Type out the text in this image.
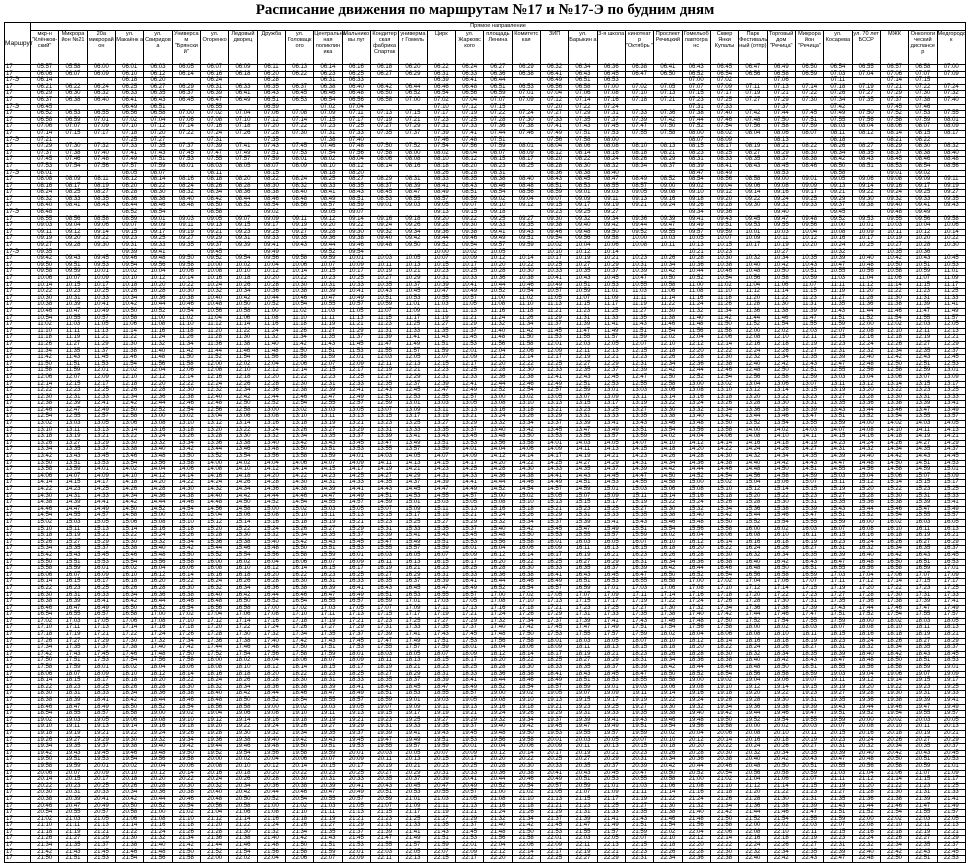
Расписание движения по маршрутам №17 и №17-Э по будним дням
Маршрут	Прямое направление																																
	мкр-н "Клёнков- ский"	Микрора йон №21	20а микрорай он	ул. Макаёнк а	ул. Свиридов а	Универса м "Брянски й"	ул. Огоренко	Ледовый дворец	Дружба	ул. Головацк ого	Центральна ная поликлин ика	Мальнико вы луг	Кондитер ская фабрика Спартак	универма г Гомель	Цирк	ул. Жарковс кого	площадь Ленина	Комитетс кая	ЗИП	ул. Барыкин а	3-я школа	кинотеат р "Октябрь "	Проспект Речицкий	Гомельоб лавтогра нс	Сквер Янки Купалы	Парк Фестиваль ный (отпр)	Торговый дом "Речица"	Микрора йон "Речица"	ул. Косарева	ул. 70 лет БССР	МЖК	Онкологи ческий диспансе р	Медгородо к
17	05:57	05:58	06:00	06:01	06:03	06:05	06:07	06:09	06:11	06:13	06:14	06:16	06:18	06:20	06:22	06:24	06:27	06:29	06:32	06:34	06:36	06:38	06:41	06:43	06:45	06:47	06:49	06:50	06:54	06:55	06:57	06:58	07:00
17	06:06	06:07	06:09	06:10	06:12	06:14	06:16	06:18	06:20	06:22	06:23	06:25	06:27	06:29	06:31	06:33	06:36	06:38	06:41	06:43	06:45	06:47	06:50	06:52	06:54	06:56	06:58	06:59	07:03	07:04	07:06	07:07	07:09
17-Э	06:14			06:18	06:20		06:24		06:28		06:31	06:33			06:39	06:41	06:44		06:49	06:51	06:53			07:00	07:02		07:06		07:11		07:14	07:15	
17	06:21	06:22	06:24	06:25	06:27	06:29	06:31	06:33	06:35	06:37	06:38	06:40	06:42	06:44	06:46	06:48	06:51	06:53	06:56	06:58	07:00	07:02	07:05	07:07	07:09	07:11	07:13	07:14	07:18	07:19	07:21	07:22	07:24
17	06:29	06:30	06:32	06:33	06:35	06:37	06:39	06:41	06:43	06:45	06:46	06:48	06:50	06:52	06:54	06:56	06:59	07:01	07:04	07:06	07:08	07:10	07:13	07:15	07:17	07:19	07:21	07:22	07:26	07:27	07:29	07:30	07:32
17	06:37	06:38	06:40	06:41	06:43	06:45	06:47	06:49	06:51	06:53	06:54	06:56	06:58	07:00	07:02	07:04	07:07	07:09	07:12	07:14	07:16	07:18	07:21	07:23	07:25	07:27	07:29	07:30	07:34	07:35	07:37	07:38	07:40
17-Э	06:45			06:49	06:51		06:55		06:59		07:02	07:04			07:10	07:12	07:15		07:20	07:22	07:24			07:31	07:33		07:37		07:42		07:45	07:46	
17	06:52	06:53	06:55	06:56	06:58	07:00	07:02	07:04	07:06	07:08	07:09	07:11	07:13	07:15	07:17	07:19	07:22	07:24	07:27	07:29	07:31	07:33	07:36	07:38	07:40	07:42	07:44	07:45	07:49	07:50	07:52	07:53	07:55
17	06:58	06:59	07:01	07:02	07:04	07:06	07:08	07:10	07:12	07:14	07:15	07:17	07:19	07:21	07:23	07:25	07:28	07:30	07:33	07:35	07:37	07:39	07:42	07:44	07:46	07:48	07:50	07:51	07:55	07:56	07:58	07:59	08:01
17	07:06	07:07	07:09	07:10	07:12	07:14	07:16	07:18	07:20	07:22	07:23	07:25	07:27	07:29	07:31	07:33	07:36	07:38	07:41	07:43	07:45	07:47	07:50	07:52	07:54	07:56	07:58	07:59	08:03	08:04	08:06	08:07	08:09
17	07:14	07:15	07:17	07:18	07:20	07:22	07:24	07:26	07:28	07:30	07:31	07:33	07:35	07:37	07:39	07:41	07:44	07:46	07:49	07:51	07:53	07:55	07:58	08:00	08:02	08:04	08:06	08:07	08:11	08:12	08:14	08:15	08:17
17-Э	07:21			07:25	07:27		07:31		07:35		07:38	07:40			07:46	07:48	07:51		07:56	07:58	08:00			08:07	08:09		08:13		08:18		08:21	08:22	
17	07:29	07:30	07:32	07:33	07:35	07:37	07:39	07:41	07:43	07:45	07:46	07:48	07:50	07:52	07:54	07:56	07:59	08:01	08:04	08:06	08:08	08:10	08:13	08:15	08:17	08:19	08:21	08:22	08:26	08:27	08:29	08:30	08:32
17	07:37	07:38	07:40	07:41	07:43	07:45	07:47	07:49	07:51	07:53	07:54	07:56	07:58	08:00	08:02	08:04	08:07	08:09	08:12	08:14	08:16	08:18	08:21	08:23	08:25	08:27	08:29	08:30	08:34	08:35	08:37	08:38	08:40
17	07:45	07:46	07:48	07:49	07:51	07:53	07:55	07:57	07:59	08:01	08:02	08:04	08:06	08:08	08:10	08:12	08:15	08:17	08:20	08:22	08:24	08:26	08:29	08:31	08:33	08:35	08:37	08:38	08:42	08:43	08:45	08:46	08:48
17	07:53	07:54	07:56	07:57	07:59	08:01	08:03	08:05	08:07	08:09	08:10	08:12	08:14	08:16	08:18	08:20	08:23	08:25	08:28	08:30	08:32	08:34	08:37	08:39	08:41	08:43	08:45	08:46	08:50	08:51	08:53	08:54	08:56
17-Э	08:01			08:05	08:07		08:11		08:15		08:18	08:20			08:26	08:28	08:31		08:36	08:38	08:40			08:47	08:49		08:53		08:58		09:01	09:02	
17	08:08	08:09	08:11	08:12	08:14	08:16	08:18	08:20	08:22	08:24	08:25	08:27	08:29	08:31	08:33	08:35	08:38	08:40	08:43	08:45	08:47	08:49	08:52	08:54	08:56	08:58	09:00	09:01	09:05	09:06	09:08	09:09	09:11
17	08:16	08:17	08:19	08:20	08:22	08:24	08:26	08:28	08:30	08:32	08:33	08:35	08:37	08:39	08:41	08:43	08:46	08:48	08:51	08:53	08:55	08:57	09:00	09:02	09:04	09:06	09:08	09:09	09:13	09:14	09:16	09:17	09:19
17	08:24	08:25	08:27	08:28	08:30	08:32	08:34	08:36	08:38	08:40	08:41	08:43	08:45	08:47	08:49	08:51	08:54	08:56	08:59	09:01	09:03	09:05	09:08	09:10	09:12	09:14	09:16	09:17	09:21	09:22	09:24	09:25	09:27
17	08:32	08:33	08:35	08:36	08:38	08:40	08:42	08:44	08:46	08:48	08:49	08:51	08:53	08:55	08:57	08:59	09:02	09:04	09:07	09:09	09:11	09:13	09:16	09:18	09:20	09:22	09:24	09:25	09:29	09:30	09:32	09:33	09:35
17	08:40	08:41	08:43	08:44	08:46	08:48	08:50	08:52	08:54	08:56	08:57	08:59	09:01	09:03	09:05	09:07	09:10	09:12	09:15	09:17	09:19	09:21	09:24	09:26	09:28	09:30	09:32	09:33	09:37	09:38	09:40	09:41	09:43
17-Э	08:48			08:52	08:54		08:58		09:02		09:05	09:07			09:13	09:15	09:18		09:23	09:25	09:27			09:34	09:36		09:40		09:45		09:48	09:49	
17	08:55	08:56	08:58	08:59	09:01	09:03	09:05	09:07	09:09	09:11	09:12	09:14	09:16	09:18	09:20	09:22	09:25	09:27	09:30	09:32	09:34	09:36	09:39	09:41	09:43	09:45	09:47	09:48	09:52	09:53	09:55	09:56	09:58
17	09:03	09:04	09:06	09:07	09:09	09:11	09:13	09:15	09:17	09:19	09:20	09:22	09:24	09:26	09:28	09:30	09:33	09:35	09:38	09:40	09:42	09:44	09:47	09:49	09:51	09:53	09:55	09:56	10:00	10:01	10:03	10:04	10:06
17	09:11	09:12	09:14	09:15	09:17	09:19	09:21	09:23	09:25	09:27	09:28	09:30	09:32	09:34	09:36	09:38	09:41	09:43	09:46	09:48	09:50	09:52	09:55	09:57	09:59	10:01	10:03	10:04	10:08	10:09	10:11	10:12	10:14
17	09:19	09:20	09:22	09:23	09:25	09:27	09:29	09:31	09:33	09:35	09:36	09:38	09:40	09:42	09:44	09:46	09:49	09:51	09:54	09:56	09:58	10:00	10:03	10:05	10:07	10:09	10:11	10:12	10:16	10:17	10:19	10:20	10:22
17	09:27	09:28	09:30	09:31	09:33	09:35	09:37	09:39	09:41	09:43	09:44	09:46	09:48	09:50	09:52	09:54	09:57	09:59	10:02	10:04	10:06	10:08	10:11	10:13	10:15	10:17	10:19	10:20	10:24	10:25	10:27	10:28	10:30
17-Э	09:35			09:39	09:41		09:45		09:49		09:52	09:54			10:00	10:02	10:05		10:10	10:12	10:14			10:21	10:23		10:27		10:32		10:35	10:36	
17	09:42	09:43	09:45	09:46	09:48	09:50	09:52	09:54	09:56	09:58	09:59	10:01	10:03	10:05	10:07	10:09	10:12	10:14	10:17	10:19	10:21	10:23	10:26	10:28	10:30	10:32	10:34	10:35	10:39	10:40	10:42	10:43	10:45
17	09:50	09:51	09:53	09:54	09:56	09:58	10:00	10:02	10:04	10:06	10:07	10:09	10:11	10:13	10:15	10:17	10:20	10:22	10:25	10:27	10:29	10:31	10:34	10:36	10:38	10:40	10:42	10:43	10:47	10:48	10:50	10:51	10:53
17	09:58	09:59	10:01	10:02	10:04	10:06	10:08	10:10	10:12	10:14	10:15	10:17	10:19	10:21	10:23	10:25	10:28	10:30	10:33	10:35	10:37	10:39	10:42	10:44	10:46	10:48	10:50	10:51	10:55	10:56	10:58	10:59	11:01
17	10:06	10:07	10:09	10:10	10:12	10:14	10:16	10:18	10:20	10:22	10:23	10:25	10:27	10:29	10:31	10:33	10:36	10:38	10:41	10:43	10:45	10:47	10:50	10:52	10:54	10:56	10:58	10:59	11:03	11:04	11:06	11:07	11:09
17	10:14	10:15	10:17	10:18	10:20	10:22	10:24	10:26	10:28	10:30	10:31	10:33	10:35	10:37	10:39	10:41	10:44	10:46	10:49	10:51	10:53	10:55	10:58	11:00	11:02	11:04	11:06	11:07	11:11	11:12	11:14	11:15	11:17
17	10:22	10:23	10:25	10:26	10:28	10:30	10:32	10:34	10:36	10:38	10:39	10:41	10:43	10:45	10:47	10:49	10:52	10:54	10:57	10:59	11:01	11:03	11:06	11:08	11:10	11:12	11:14	11:15	11:19	11:20	11:22	11:23	11:25
17	10:30	10:31	10:33	10:34	10:36	10:38	10:40	10:42	10:44	10:46	10:47	10:49	10:51	10:53	10:55	10:57	11:00	11:02	11:05	11:07	11:09	11:11	11:14	11:16	11:18	11:20	11:22	11:23	11:27	11:28	11:30	11:31	11:33
17	10:38	10:39	10:41	10:42	10:44	10:46	10:48	10:50	10:52	10:54	10:55	10:57	10:59	11:01	11:03	11:05	11:08	11:10	11:13	11:15	11:17	11:19	11:22	11:24	11:26	11:28	11:30	11:31	11:35	11:36	11:38	11:39	11:41
17	10:46	10:47	10:49	10:50	10:52	10:54	10:56	10:58	11:00	11:02	11:03	11:05	11:07	11:09	11:11	11:13	11:16	11:18	11:21	11:23	11:25	11:27	11:30	11:32	11:34	11:36	11:38	11:39	11:43	11:44	11:46	11:47	11:49
17	10:54	10:55	10:57	10:58	11:00	11:02	11:04	11:06	11:08	11:10	11:11	11:13	11:15	11:17	11:19	11:21	11:24	11:26	11:29	11:31	11:33	11:35	11:38	11:40	11:42	11:44	11:46	11:47	11:51	11:52	11:54	11:55	11:57
17	11:02	11:03	11:05	11:06	11:08	11:10	11:12	11:14	11:16	11:18	11:19	11:21	11:23	11:25	11:27	11:29	11:32	11:34	11:37	11:39	11:41	11:43	11:46	11:48	11:50	11:52	11:54	11:55	11:59	12:00	12:02	12:03	12:05
17	11:10	11:11	11:13	11:14	11:16	11:18	11:20	11:22	11:24	11:26	11:27	11:29	11:31	11:33	11:35	11:37	11:40	11:42	11:45	11:47	11:49	11:51	11:54	11:56	11:58	12:00	12:02	12:03	12:07	12:08	12:10	12:11	12:13
17	11:18	11:19	11:21	11:22	11:24	11:26	11:28	11:30	11:32	11:34	11:35	11:37	11:39	11:41	11:43	11:45	11:48	11:50	11:53	11:55	11:57	11:59	12:02	12:04	12:06	12:08	12:10	12:11	12:15	12:16	12:18	12:19	12:21
17	11:26	11:27	11:29	11:30	11:32	11:34	11:36	11:38	11:40	11:42	11:43	11:45	11:47	11:49	11:51	11:53	11:56	11:58	12:01	12:03	12:05	12:07	12:10	12:12	12:14	12:16	12:18	12:19	12:23	12:24	12:26	12:27	12:29
17	11:34	11:35	11:37	11:38	11:40	11:42	11:44	11:46	11:48	11:50	11:51	11:53	11:55	11:57	11:59	12:01	12:04	12:06	12:09	12:11	12:13	12:15	12:18	12:20	12:22	12:24	12:26	12:27	12:31	12:32	12:34	12:35	12:37
17	11:42	11:43	11:45	11:46	11:48	11:50	11:52	11:54	11:56	11:58	11:59	12:01	12:03	12:05	12:07	12:09	12:12	12:14	12:17	12:19	12:21	12:23	12:26	12:28	12:30	12:32	12:34	12:35	12:39	12:40	12:42	12:43	12:45
17	11:50	11:51	11:53	11:54	11:56	11:58	12:00	12:02	12:04	12:06	12:07	12:09	12:11	12:13	12:15	12:17	12:20	12:22	12:25	12:27	12:29	12:31	12:34	12:36	12:38	12:40	12:42	12:43	12:47	12:48	12:50	12:51	12:53
17	11:58	11:59	12:01	12:02	12:04	12:06	12:08	12:10	12:12	12:14	12:15	12:17	12:19	12:21	12:23	12:25	12:28	12:30	12:33	12:35	12:37	12:39	12:42	12:44	12:46	12:48	12:50	12:51	12:55	12:56	12:58	12:59	13:01
17	12:06	12:07	12:09	12:10	12:12	12:14	12:16	12:18	12:20	12:22	12:23	12:25	12:27	12:29	12:31	12:33	12:36	12:38	12:41	12:43	12:45	12:47	12:50	12:52	12:54	12:56	12:58	12:59	13:03	13:04	13:06	13:07	13:09
17	12:14	12:15	12:17	12:18	12:20	12:22	12:24	12:26	12:28	12:30	12:31	12:33	12:35	12:37	12:39	12:41	12:44	12:46	12:49	12:51	12:53	12:55	12:58	13:00	13:02	13:04	13:06	13:07	13:11	13:12	13:14	13:15	13:17
17	12:22	12:23	12:25	12:26	12:28	12:30	12:32	12:34	12:36	12:38	12:39	12:41	12:43	12:45	12:47	12:49	12:52	12:54	12:57	12:59	13:01	13:03	13:06	13:08	13:10	13:12	13:14	13:15	13:19	13:20	13:22	13:23	13:25
17	12:30	12:31	12:33	12:34	12:36	12:38	12:40	12:42	12:44	12:46	12:47	12:49	12:51	12:53	12:55	12:57	13:00	13:02	13:05	13:07	13:09	13:11	13:14	13:16	13:18	13:20	13:22	13:23	13:27	13:28	13:30	13:31	13:33
17	12:38	12:39	12:41	12:42	12:44	12:46	12:48	12:50	12:52	12:54	12:55	12:57	12:59	13:01	13:03	13:05	13:08	13:10	13:13	13:15	13:17	13:19	13:22	13:24	13:26	13:28	13:30	13:31	13:35	13:36	13:38	13:39	13:41
17	12:46	12:47	12:49	12:50	12:52	12:54	12:56	12:58	13:00	13:02	13:03	13:05	13:07	13:09	13:11	13:13	13:16	13:18	13:21	13:23	13:25	13:27	13:30	13:32	13:34	13:36	13:38	13:39	13:43	13:44	13:46	13:47	13:49
17	12:54	12:55	12:57	12:58	13:00	13:02	13:04	13:06	13:08	13:10	13:11	13:13	13:15	13:17	13:19	13:21	13:24	13:26	13:29	13:31	13:33	13:35	13:38	13:40	13:42	13:44	13:46	13:47	13:51	13:52	13:54	13:55	13:57
17	13:02	13:03	13:05	13:06	13:08	13:10	13:12	13:14	13:16	13:18	13:19	13:21	13:23	13:25	13:27	13:29	13:32	13:34	13:37	13:39	13:41	13:43	13:46	13:48	13:50	13:52	13:54	13:55	13:59	14:00	14:02	14:03	14:05
17	13:10	13:11	13:13	13:14	13:16	13:18	13:20	13:22	13:24	13:26	13:27	13:29	13:31	13:33	13:35	13:37	13:40	13:42	13:45	13:47	13:49	13:51	13:54	13:56	13:58	14:00	14:02	14:03	14:07	14:08	14:10	14:11	14:13
17	13:18	13:19	13:21	13:22	13:24	13:26	13:28	13:30	13:32	13:34	13:35	13:37	13:39	13:41	13:43	13:45	13:48	13:50	13:53	13:55	13:57	13:59	14:02	14:04	14:06	14:08	14:10	14:11	14:15	14:16	14:18	14:19	14:21
17	13:26	13:27	13:29	13:30	13:32	13:34	13:36	13:38	13:40	13:42	13:43	13:45	13:47	13:49	13:51	13:53	13:56	13:58	14:01	14:03	14:05	14:07	14:10	14:12	14:14	14:16	14:18	14:19	14:23	14:24	14:26	14:27	14:29
17	13:34	13:35	13:37	13:38	13:40	13:42	13:44	13:46	13:48	13:50	13:51	13:53	13:55	13:57	13:59	14:01	14:04	14:06	14:09	14:11	14:13	14:15	14:18	14:20	14:22	14:24	14:26	14:27	14:31	14:32	14:34	14:35	14:37
17	13:42	13:43	13:45	13:46	13:48	13:50	13:52	13:54	13:56	13:58	13:59	14:01	14:03	14:05	14:07	14:09	14:12	14:14	14:17	14:19	14:21	14:23	14:26	14:28	14:30	14:32	14:34	14:35	14:39	14:40	14:42	14:43	14:45
17	13:50	13:51	13:53	13:54	13:56	13:58	14:00	14:02	14:04	14:06	14:07	14:09	14:11	14:13	14:15	14:17	14:20	14:22	14:25	14:27	14:29	14:31	14:34	14:36	14:38	14:40	14:42	14:43	14:47	14:48	14:50	14:51	14:53
17	13:58	13:59	14:01	14:02	14:04	14:06	14:08	14:10	14:12	14:14	14:15	14:17	14:19	14:21	14:23	14:25	14:28	14:30	14:33	14:35	14:37	14:39	14:42	14:44	14:46	14:48	14:50	14:51	14:55	14:56	14:58	14:59	15:01
17	14:06	14:07	14:09	14:10	14:12	14:14	14:16	14:18	14:20	14:22	14:23	14:25	14:27	14:29	14:31	14:33	14:36	14:38	14:41	14:43	14:45	14:47	14:50	14:52	14:54	14:56	14:58	14:59	15:03	15:04	15:06	15:07	15:09
17	14:14	14:15	14:17	14:18	14:20	14:22	14:24	14:26	14:28	14:30	14:31	14:33	14:35	14:37	14:39	14:41	14:44	14:46	14:49	14:51	14:53	14:55	14:58	15:00	15:02	15:04	15:06	15:07	15:11	15:12	15:14	15:15	15:17
17	14:22	14:23	14:25	14:26	14:28	14:30	14:32	14:34	14:36	14:38	14:39	14:41	14:43	14:45	14:47	14:49	14:52	14:54	14:57	14:59	15:01	15:03	15:06	15:08	15:10	15:12	15:14	15:15	15:19	15:20	15:22	15:23	15:25
17	14:30	14:31	14:33	14:34	14:36	14:38	14:40	14:42	14:44	14:46	14:47	14:49	14:51	14:53	14:55	14:57	15:00	15:02	15:05	15:07	15:09	15:11	15:14	15:16	15:18	15:20	15:22	15:23	15:27	15:28	15:30	15:31	15:33
17	14:38	14:39	14:41	14:42	14:44	14:46	14:48	14:50	14:52	14:54	14:55	14:57	14:59	15:01	15:03	15:05	15:08	15:10	15:13	15:15	15:17	15:19	15:22	15:24	15:26	15:28	15:30	15:31	15:35	15:36	15:38	15:39	15:41
17	14:46	14:47	14:49	14:50	14:52	14:54	14:56	14:58	15:00	15:02	15:03	15:05	15:07	15:09	15:11	15:13	15:16	15:18	15:21	15:23	15:25	15:27	15:30	15:32	15:34	15:36	15:38	15:39	15:43	15:44	15:46	15:47	15:49
17	14:54	14:55	14:57	14:58	15:00	15:02	15:04	15:06	15:08	15:10	15:11	15:13	15:15	15:17	15:19	15:21	15:24	15:26	15:29	15:31	15:33	15:35	15:38	15:40	15:42	15:44	15:46	15:47	15:51	15:52	15:54	15:55	15:57
17	15:02	15:03	15:05	15:06	15:08	15:10	15:12	15:14	15:16	15:18	15:19	15:21	15:23	15:25	15:27	15:29	15:32	15:34	15:37	15:39	15:41	15:43	15:46	15:48	15:50	15:52	15:54	15:55	15:59	16:00	16:02	16:03	16:05
17	15:10	15:11	15:13	15:14	15:16	15:18	15:20	15:22	15:24	15:26	15:27	15:29	15:31	15:33	15:35	15:37	15:40	15:42	15:45	15:47	15:49	15:51	15:54	15:56	15:58	16:00	16:02	16:03	16:07	16:08	16:10	16:11	16:13
17	15:18	15:19	15:21	15:22	15:24	15:26	15:28	15:30	15:32	15:34	15:35	15:37	15:39	15:41	15:43	15:45	15:48	15:50	15:53	15:55	15:57	15:59	16:02	16:04	16:06	16:08	16:10	16:11	16:15	16:16	16:18	16:19	16:21
17	15:26	15:27	15:29	15:30	15:32	15:34	15:36	15:38	15:40	15:42	15:43	15:45	15:47	15:49	15:51	15:53	15:56	15:58	16:01	16:03	16:05	16:07	16:10	16:12	16:14	16:16	16:18	16:19	16:23	16:24	16:26	16:27	16:29
17	15:34	15:35	15:37	15:38	15:40	15:42	15:44	15:46	15:48	15:50	15:51	15:53	15:55	15:57	15:59	16:01	16:04	16:06	16:09	16:11	16:13	16:15	16:18	16:20	16:22	16:24	16:26	16:27	16:31	16:32	16:34	16:35	16:37
17	15:42	15:43	15:45	15:46	15:48	15:50	15:52	15:54	15:56	15:58	15:59	16:01	16:03	16:05	16:07	16:09	16:12	16:14	16:17	16:19	16:21	16:23	16:26	16:28	16:30	16:32	16:34	16:35	16:39	16:40	16:42	16:43	16:45
17	15:50	15:51	15:53	15:54	15:56	15:58	16:00	16:02	16:04	16:06	16:07	16:09	16:11	16:13	16:15	16:17	16:20	16:22	16:25	16:27	16:29	16:31	16:34	16:36	16:38	16:40	16:42	16:43	16:47	16:48	16:50	16:51	16:53
17	15:58	15:59	16:01	16:02	16:04	16:06	16:08	16:10	16:12	16:14	16:15	16:17	16:19	16:21	16:23	16:25	16:28	16:30	16:33	16:35	16:37	16:39	16:42	16:44	16:46	16:48	16:50	16:51	16:55	16:56	16:58	16:59	17:01
17	16:06	16:07	16:09	16:10	16:12	16:14	16:16	16:18	16:20	16:22	16:23	16:25	16:27	16:29	16:31	16:33	16:36	16:38	16:41	16:43	16:45	16:47	16:50	16:52	16:54	16:56	16:58	16:59	17:03	17:04	17:06	17:07	17:09
17	16:14	16:15	16:17	16:18	16:20	16:22	16:24	16:26	16:28	16:30	16:31	16:33	16:35	16:37	16:39	16:41	16:44	16:46	16:49	16:51	16:53	16:55	16:58	17:00	17:02	17:04	17:06	17:07	17:11	17:12	17:14	17:15	17:17
17	16:22	16:23	16:25	16:26	16:28	16:30	16:32	16:34	16:36	16:38	16:39	16:41	16:43	16:45	16:47	16:49	16:52	16:54	16:57	16:59	17:01	17:03	17:06	17:08	17:10	17:12	17:14	17:15	17:19	17:20	17:22	17:23	17:25
17	16:30	16:31	16:33	16:34	16:36	16:38	16:40	16:42	16:44	16:46	16:47	16:49	16:51	16:53	16:55	16:57	17:00	17:02	17:05	17:07	17:09	17:11	17:14	17:16	17:18	17:20	17:22	17:23	17:27	17:28	17:30	17:31	17:33
17	16:38	16:39	16:41	16:42	16:44	16:46	16:48	16:50	16:52	16:54	16:55	16:57	16:59	17:01	17:03	17:05	17:08	17:10	17:13	17:15	17:17	17:19	17:22	17:24	17:26	17:28	17:30	17:31	17:35	17:36	17:38	17:39	17:41
17	16:46	16:47	16:49	16:50	16:52	16:54	16:56	16:58	17:00	17:02	17:03	17:05	17:07	17:09	17:11	17:13	17:16	17:18	17:21	17:23	17:25	17:27	17:30	17:32	17:34	17:36	17:38	17:39	17:43	17:44	17:46	17:47	17:49
17	16:54	16:55	16:57	16:58	17:00	17:02	17:04	17:06	17:08	17:10	17:11	17:13	17:15	17:17	17:19	17:21	17:24	17:26	17:29	17:31	17:33	17:35	17:38	17:40	17:42	17:44	17:46	17:47	17:51	17:52	17:54	17:55	17:57
17	17:02	17:03	17:05	17:06	17:08	17:10	17:12	17:14	17:16	17:18	17:19	17:21	17:23	17:25	17:27	17:29	17:32	17:34	17:37	17:39	17:41	17:43	17:46	17:48	17:50	17:52	17:54	17:55	17:59	18:00	18:02	18:03	18:05
17	17:10	17:11	17:13	17:14	17:16	17:18	17:20	17:22	17:24	17:26	17:27	17:29	17:31	17:33	17:35	17:37	17:40	17:42	17:45	17:47	17:49	17:51	17:54	17:56	17:58	18:00	18:02	18:03	18:07	18:08	18:10	18:11	18:13
17	17:18	17:19	17:21	17:22	17:24	17:26	17:28	17:30	17:32	17:34	17:35	17:37	17:39	17:41	17:43	17:45	17:48	17:50	17:53	17:55	17:57	17:59	18:02	18:04	18:06	18:08	18:10	18:11	18:15	18:16	18:18	18:19	18:21
17	17:26	17:27	17:29	17:30	17:32	17:34	17:36	17:38	17:40	17:42	17:43	17:45	17:47	17:49	17:51	17:53	17:56	17:58	18:01	18:03	18:05	18:07	18:10	18:12	18:14	18:16	18:18	18:19	18:23	18:24	18:26	18:27	18:29
17	17:34	17:35	17:37	17:38	17:40	17:42	17:44	17:46	17:48	17:50	17:51	17:53	17:55	17:57	17:59	18:01	18:04	18:06	18:09	18:11	18:13	18:15	18:18	18:20	18:22	18:24	18:26	18:27	18:31	18:32	18:34	18:35	18:37
17	17:42	17:43	17:45	17:46	17:48	17:50	17:52	17:54	17:56	17:58	17:59	18:01	18:03	18:05	18:07	18:09	18:12	18:14	18:17	18:19	18:21	18:23	18:26	18:28	18:30	18:32	18:34	18:35	18:39	18:40	18:42	18:43	18:45
17	17:50	17:51	17:53	17:54	17:56	17:58	18:00	18:02	18:04	18:06	18:07	18:09	18:11	18:13	18:15	18:17	18:20	18:22	18:25	18:27	18:29	18:31	18:34	18:36	18:38	18:40	18:42	18:43	18:47	18:48	18:50	18:51	18:53
17	17:58	17:59	18:01	18:02	18:04	18:06	18:08	18:10	18:12	18:14	18:15	18:17	18:19	18:21	18:23	18:25	18:28	18:30	18:33	18:35	18:37	18:39	18:42	18:44	18:46	18:48	18:50	18:51	18:55	18:56	18:58	18:59	19:01
17	18:06	18:07	18:09	18:10	18:12	18:14	18:16	18:18	18:20	18:22	18:23	18:25	18:27	18:29	18:31	18:33	18:36	18:38	18:41	18:43	18:45	18:47	18:50	18:52	18:54	18:56	18:58	18:59	19:03	19:04	19:06	19:07	19:09
17	18:14	18:15	18:17	18:18	18:20	18:22	18:24	18:26	18:28	18:30	18:31	18:33	18:35	18:37	18:39	18:41	18:44	18:46	18:49	18:51	18:53	18:55	18:58	19:00	19:02	19:04	19:06	19:07	19:11	19:12	19:14	19:15	19:17
17	18:22	18:23	18:25	18:26	18:28	18:30	18:32	18:34	18:36	18:38	18:39	18:41	18:43	18:45	18:47	18:49	18:52	18:54	18:57	18:59	19:01	19:03	19:06	19:08	19:10	19:12	19:14	19:15	19:19	19:20	19:22	19:23	19:25
17	18:30	18:31	18:33	18:34	18:36	18:38	18:40	18:42	18:44	18:46	18:47	18:49	18:51	18:53	18:55	18:57	19:00	19:02	19:05	19:07	19:09	19:11	19:14	19:16	19:18	19:20	19:22	19:23	19:27	19:28	19:30	19:31	19:33
17	18:38	18:39	18:41	18:42	18:44	18:46	18:48	18:50	18:52	18:54	18:55	18:57	18:59	19:01	19:03	19:05	19:08	19:10	19:13	19:15	19:17	19:19	19:22	19:24	19:26	19:28	19:30	19:31	19:35	19:36	19:38	19:39	19:41
17	18:46	18:47	18:49	18:50	18:52	18:54	18:56	18:58	19:00	19:02	19:03	19:05	19:07	19:09	19:11	19:13	19:16	19:18	19:21	19:23	19:25	19:27	19:30	19:32	19:34	19:36	19:38	19:39	19:43	19:44	19:46	19:47	19:49
17	18:54	18:55	18:57	18:58	19:00	19:02	19:04	19:06	19:08	19:10	19:11	19:13	19:15	19:17	19:19	19:21	19:24	19:26	19:29	19:31	19:33	19:35	19:38	19:40	19:42	19:44	19:46	19:47	19:51	19:52	19:54	19:55	19:57
17	19:02	19:03	19:05	19:06	19:08	19:10	19:12	19:14	19:16	19:18	19:19	19:21	19:23	19:25	19:27	19:29	19:32	19:34	19:37	19:39	19:41	19:43	19:46	19:48	19:50	19:52	19:54	19:55	19:59	20:00	20:02	20:03	20:05
17	19:10	19:11	19:13	19:14	19:16	19:18	19:20	19:22	19:24	19:26	19:27	19:29	19:31	19:33	19:35	19:37	19:40	19:42	19:45	19:47	19:49	19:51	19:54	19:56	19:58	20:00	20:02	20:03	20:07	20:08	20:10	20:11	20:13
17	19:18	19:19	19:21	19:22	19:24	19:26	19:28	19:30	19:32	19:34	19:35	19:37	19:39	19:41	19:43	19:45	19:48	19:50	19:53	19:55	19:57	19:59	20:02	20:04	20:06	20:08	20:10	20:11	20:15	20:16	20:18	20:19	20:21
17	19:26	19:27	19:29	19:30	19:32	19:34	19:36	19:38	19:40	19:42	19:43	19:45	19:47	19:49	19:51	19:53	19:56	19:58	20:01	20:03	20:05	20:07	20:10	20:12	20:14	20:16	20:18	20:19	20:23	20:24	20:26	20:27	20:29
17	19:34	19:35	19:37	19:38	19:40	19:42	19:44	19:46	19:48	19:50	19:51	19:53	19:55	19:57	19:59	20:01	20:04	20:06	20:09	20:11	20:13	20:15	20:18	20:20	20:22	20:24	20:26	20:27	20:31	20:32	20:34	20:35	20:37
17	19:42	19:43	19:45	19:46	19:48	19:50	19:52	19:54	19:56	19:58	19:59	20:01	20:03	20:05	20:07	20:09	20:12	20:14	20:17	20:19	20:21	20:23	20:26	20:28	20:30	20:32	20:34	20:35	20:39	20:40	20:42	20:43	20:45
17	19:50	19:51	19:53	19:54	19:56	19:58	20:00	20:02	20:04	20:06	20:07	20:09	20:11	20:13	20:15	20:17	20:20	20:22	20:25	20:27	20:29	20:31	20:34	20:36	20:38	20:40	20:42	20:43	20:47	20:48	20:50	20:51	20:53
17	19:58	19:59	20:01	20:02	20:04	20:06	20:08	20:10	20:12	20:14	20:15	20:17	20:19	20:21	20:23	20:25	20:28	20:30	20:33	20:35	20:37	20:39	20:42	20:44	20:46	20:48	20:50	20:51	20:55	20:56	20:58	20:59	21:01
17	20:06	20:07	20:09	20:10	20:12	20:14	20:16	20:18	20:20	20:22	20:23	20:25	20:27	20:29	20:31	20:33	20:36	20:38	20:41	20:43	20:45	20:47	20:50	20:52	20:54	20:56	20:58	20:59	21:03	21:04	21:06	21:07	21:09
17	20:14	20:15	20:17	20:18	20:20	20:22	20:24	20:26	20:28	20:30	20:31	20:33	20:35	20:37	20:39	20:41	20:44	20:46	20:49	20:51	20:53	20:55	20:58	21:00	21:02	21:04	21:06	21:07	21:11	21:12	21:14	21:15	21:17
17	20:22	20:23	20:25	20:26	20:28	20:30	20:32	20:34	20:36	20:38	20:39	20:41	20:43	20:45	20:47	20:49	20:52	20:54	20:57	20:59	21:01	21:03	21:06	21:08	21:10	21:12	21:14	21:15	21:19	21:20	21:22	21:23	21:25
17	20:30	20:31	20:33	20:34	20:36	20:38	20:40	20:42	20:44	20:46	20:47	20:49	20:51	20:53	20:55	20:57	21:00	21:02	21:05	21:07	21:09	21:11	21:14	21:16	21:18	21:20	21:22	21:23	21:27	21:28	21:30	21:31	21:33
17	20:38	20:39	20:41	20:42	20:44	20:46	20:48	20:50	20:52	20:54	20:55	20:57	20:59	21:01	21:03	21:05	21:08	21:10	21:13	21:15	21:17	21:19	21:22	21:24	21:26	21:28	21:30	21:31	21:35	21:36	21:38	21:39	21:41
17	20:46	20:47	20:49	20:50	20:52	20:54	20:56	20:58	21:00	21:02	21:03	21:05	21:07	21:09	21:11	21:13	21:16	21:18	21:21	21:23	21:25	21:27	21:30	21:32	21:34	21:36	21:38	21:39	21:43	21:44	21:46	21:47	21:49
17	20:54	20:55	20:57	20:58	21:00	21:02	21:04	21:06	21:08	21:10	21:11	21:13	21:15	21:17	21:19	21:21	21:24	21:26	21:29	21:31	21:33	21:35	21:38	21:40	21:42	21:44	21:46	21:47	21:51	21:52	21:54	21:55	21:57
17	21:02	21:03	21:05	21:06	21:08	21:10	21:12	21:14	21:16	21:18	21:19	21:21	21:23	21:25	21:27	21:29	21:32	21:34	21:37	21:39	21:41	21:43	21:46	21:48	21:50	21:52	21:54	21:55	21:59	22:00	22:02	22:03	22:05
17	21:10	21:11	21:13	21:14	21:16	21:18	21:20	21:22	21:24	21:26	21:27	21:29	21:31	21:33	21:35	21:37	21:40	21:42	21:45	21:47	21:49	21:51	21:54	21:56	21:58	22:00	22:02	22:03	22:07	22:08	22:10	22:11	22:13
17	21:18	21:19	21:21	21:22	21:24	21:26	21:28	21:30	21:32	21:34	21:35	21:37	21:39	21:41	21:43	21:45	21:48	21:50	21:53	21:55	21:57	21:59	22:02	22:04	22:06	22:08	22:10	22:11	22:15	22:16	22:18	22:19	22:21
17	21:26	21:27	21:29	21:30	21:32	21:34	21:36	21:38	21:40	21:42	21:43	21:45	21:47	21:49	21:51	21:53	21:56	21:58	22:01	22:03	22:05	22:07	22:10	22:12	22:14	22:16	22:18	22:19	22:23	22:24	22:26	22:27	22:29
17	21:34	21:35	21:37	21:38	21:40	21:42	21:44	21:46	21:48	21:50	21:51	21:53	21:55	21:57	21:59	22:01	22:04	22:06	22:09	22:11	22:13	22:15	22:18	22:20	22:22	22:24	22:26	22:27	22:31	22:32	22:34	22:35	22:37
17	21:42	21:43	21:45	21:46	21:48	21:50	21:52	21:54	21:56	21:58	21:59	22:01	22:03	22:05	22:07	22:09	22:12	22:14	22:17	22:19	22:21	22:23	22:26	22:28	22:30	22:32	22:34	22:35	22:39	22:40	22:42	22:43	22:45
17	21:50	21:51	21:53	21:54	21:56	21:58	22:00	22:02	22:04	22:06	22:07	22:09	22:11	22:13	22:15	22:17	22:20	22:22	22:25	22:27	22:29	22:31	22:34	22:36	22:38	22:40	22:42	22:43	22:47	22:48	22:50	22:51	22:53
